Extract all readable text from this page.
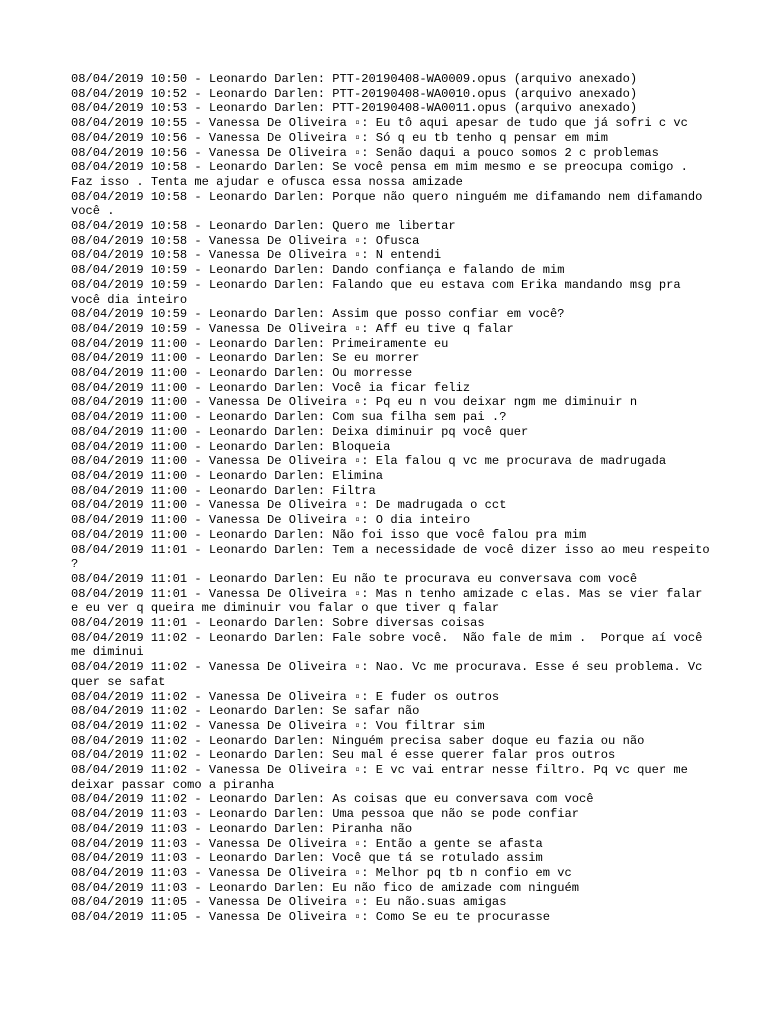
08/04/2019 10:50 - Leonardo Darlen: PTT-20190408-WA0009.opus (arquivo anexado)
08/04/2019 10:52 - Leonardo Darlen: PTT-20190408-WA0010.opus (arquivo anexado)
08/04/2019 10:53 - Leonardo Darlen: PTT-20190408-WA0011.opus (arquivo anexado)
08/04/2019 10:55 - Vanessa De Oliveira ▫: Eu tô aqui apesar de tudo que já sofri c vc
08/04/2019 10:56 - Vanessa De Oliveira ▫: Só q eu tb tenho q pensar em mim
08/04/2019 10:56 - Vanessa De Oliveira ▫: Senão daqui a pouco somos 2 c problemas
08/04/2019 10:58 - Leonardo Darlen: Se você pensa em mim mesmo e se preocupa comigo . Faz isso . Tenta me ajudar e ofusca essa nossa amizade
08/04/2019 10:58 - Leonardo Darlen: Porque não quero ninguém me difamando nem difamando você .
08/04/2019 10:58 - Leonardo Darlen: Quero me libertar
08/04/2019 10:58 - Vanessa De Oliveira ▫: Ofusca
08/04/2019 10:58 - Vanessa De Oliveira ▫: N entendi
08/04/2019 10:59 - Leonardo Darlen: Dando confiança e falando de mim
08/04/2019 10:59 - Leonardo Darlen: Falando que eu estava com Erika mandando msg pra você dia inteiro
08/04/2019 10:59 - Leonardo Darlen: Assim que posso confiar em você?
08/04/2019 10:59 - Vanessa De Oliveira ▫: Aff eu tive q falar
08/04/2019 11:00 - Leonardo Darlen: Primeiramente eu
08/04/2019 11:00 - Leonardo Darlen: Se eu morrer
08/04/2019 11:00 - Leonardo Darlen: Ou morresse
08/04/2019 11:00 - Leonardo Darlen: Você ia ficar feliz
08/04/2019 11:00 - Vanessa De Oliveira ▫: Pq eu n vou deixar ngm me diminuir n
08/04/2019 11:00 - Leonardo Darlen: Com sua filha sem pai .?
08/04/2019 11:00 - Leonardo Darlen: Deixa diminuir pq você quer
08/04/2019 11:00 - Leonardo Darlen: Bloqueia
08/04/2019 11:00 - Vanessa De Oliveira ▫: Ela falou q vc me procurava de madrugada
08/04/2019 11:00 - Leonardo Darlen: Elimina
08/04/2019 11:00 - Leonardo Darlen: Filtra
08/04/2019 11:00 - Vanessa De Oliveira ▫: De madrugada o cct
08/04/2019 11:00 - Vanessa De Oliveira ▫: O dia inteiro
08/04/2019 11:00 - Leonardo Darlen: Não foi isso que você falou pra mim
08/04/2019 11:01 - Leonardo Darlen: Tem a necessidade de você dizer isso ao meu respeito ?
08/04/2019 11:01 - Leonardo Darlen: Eu não te procurava eu conversava com você
08/04/2019 11:01 - Vanessa De Oliveira ▫: Mas n tenho amizade c elas. Mas se vier falar e eu ver q queira me diminuir vou falar o que tiver q falar
08/04/2019 11:01 - Leonardo Darlen: Sobre diversas coisas
08/04/2019 11:02 - Leonardo Darlen: Fale sobre você.  Não fale de mim .  Porque aí você me diminui
08/04/2019 11:02 - Vanessa De Oliveira ▫: Nao. Vc me procurava. Esse é seu problema. Vc quer se safat
08/04/2019 11:02 - Vanessa De Oliveira ▫: E fuder os outros
08/04/2019 11:02 - Leonardo Darlen: Se safar não
08/04/2019 11:02 - Vanessa De Oliveira ▫: Vou filtrar sim
08/04/2019 11:02 - Leonardo Darlen: Ninguém precisa saber doque eu fazia ou não
08/04/2019 11:02 - Leonardo Darlen: Seu mal é esse querer falar pros outros
08/04/2019 11:02 - Vanessa De Oliveira ▫: E vc vai entrar nesse filtro. Pq vc quer me deixar passar como a piranha
08/04/2019 11:02 - Leonardo Darlen: As coisas que eu conversava com você
08/04/2019 11:03 - Leonardo Darlen: Uma pessoa que não se pode confiar
08/04/2019 11:03 - Leonardo Darlen: Piranha não
08/04/2019 11:03 - Vanessa De Oliveira ▫: Então a gente se afasta
08/04/2019 11:03 - Leonardo Darlen: Você que tá se rotulado assim
08/04/2019 11:03 - Vanessa De Oliveira ▫: Melhor pq tb n confio em vc
08/04/2019 11:03 - Leonardo Darlen: Eu não fico de amizade com ninguém
08/04/2019 11:05 - Vanessa De Oliveira ▫: Eu não.suas amigas
08/04/2019 11:05 - Vanessa De Oliveira ▫: Como Se eu te procurasse
